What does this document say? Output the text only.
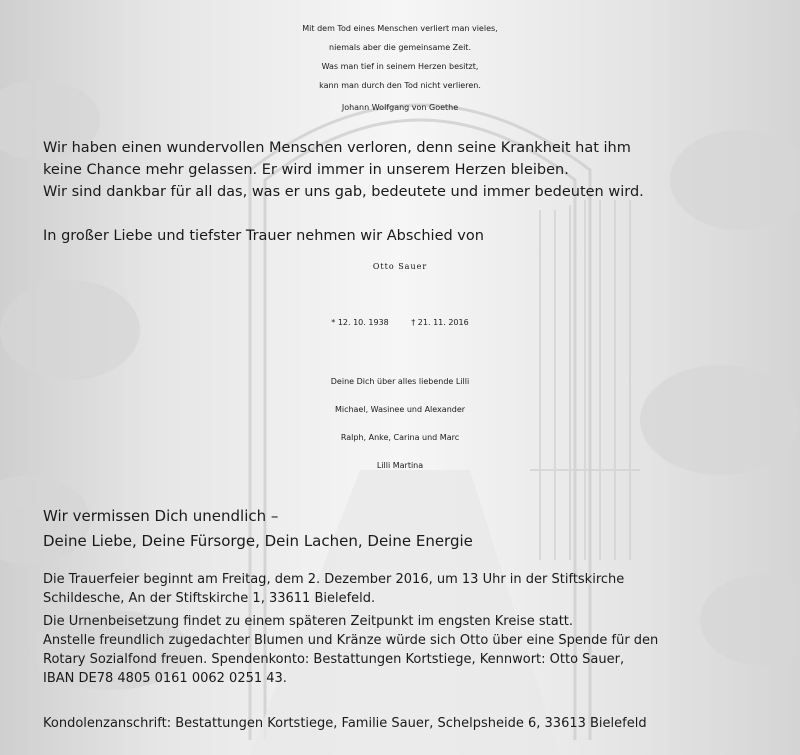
Mit dem Tod eines Menschen verliert man vieles,
niemals aber die gemeinsame Zeit.
Was man tief in seinem Herzen besitzt,
kann man durch den Tod nicht verlieren.
Johann Wolfgang von Goethe
Wir haben einen wundervollen Menschen verloren, denn seine Krankheit hat ihm
keine Chance mehr gelassen. Er wird immer in unserem Herzen bleiben.
Wir sind dankbar für all das, was er uns gab, bedeutete und immer bedeuten wird.
In großer Liebe und tiefster Trauer nehmen wir Abschied von
Otto Sauer
* 12. 10. 1938	† 21. 11. 2016
Deine Dich über alles liebende Lilli
Michael, Wasinee und Alexander
Ralph, Anke, Carina und Marc
Lilli Martina
Wir vermissen Dich unendlich –
Deine Liebe, Deine Fürsorge, Dein Lachen, Deine Energie
Die Trauerfeier beginnt am Freitag, dem 2. Dezember 2016, um 13 Uhr in der Stiftskirche
Schildesche, An der Stiftskirche 1, 33611 Bielefeld.
Die Urnenbeisetzung findet zu einem späteren Zeitpunkt im engsten Kreise statt.
Anstelle freundlich zugedachter Blumen und Kränze würde sich Otto über eine Spende für den
Rotary Sozialfond freuen. Spendenkonto: Bestattungen Kortstiege, Kennwort: Otto Sauer,
IBAN DE78 4805 0161 0062 0251 43.
Kondolenzanschrift: Bestattungen Kortstiege, Familie Sauer, Schelpsheide 6, 33613 Bielefeld
